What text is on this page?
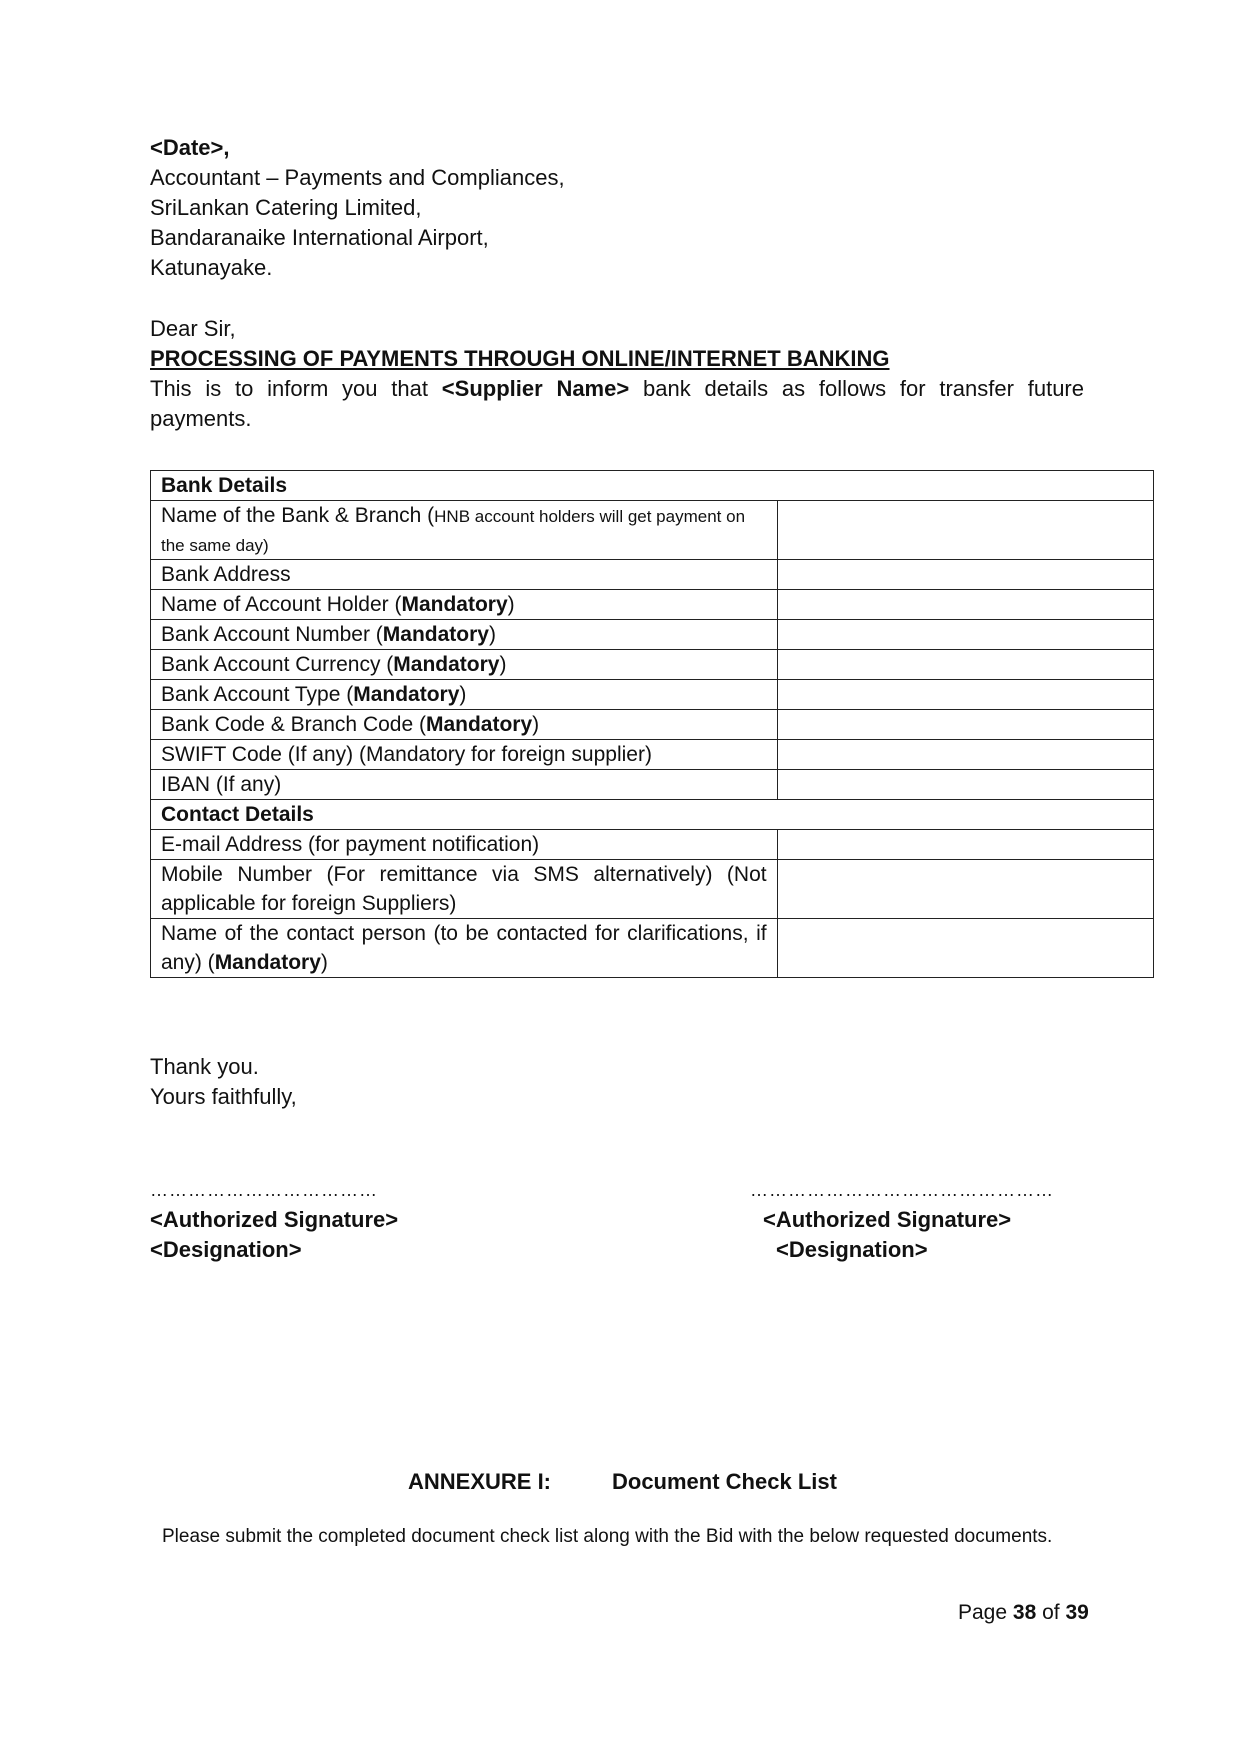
<Date>,
Accountant – Payments and Compliances,
SriLankan Catering Limited,
Bandaranaike International Airport,
Katunayake.
Dear Sir,
PROCESSING OF PAYMENTS THROUGH ONLINE/INTERNET BANKING
This is to inform you that <Supplier Name> bank details as follows for transfer future payments.
Bank Details	
Name of the Bank & Branch (HNB account holders will get payment on the same day)	
Bank Address	
Name of Account Holder (Mandatory)	
Bank Account Number (Mandatory)	
Bank Account Currency (Mandatory)	
Bank Account Type (Mandatory)	
Bank Code & Branch Code (Mandatory)	
SWIFT Code (If any) (Mandatory for foreign supplier)	
IBAN (If any)	
Contact Details	
E-mail Address (for payment notification)	
Mobile Number (For remittance via SMS alternatively) (Not applicable for foreign Suppliers)	
Name of the contact person (to be contacted for clarifications, if any) (Mandatory)	
Thank you.
Yours faithfully,
………………………………	…………………………………………
<Authorized Signature>
<Designation>
<Authorized Signature>
<Designation>
ANNEXURE I:	Document Check List
Please submit the completed document check list along with the Bid with the below requested documents.
Page 38 of 39
